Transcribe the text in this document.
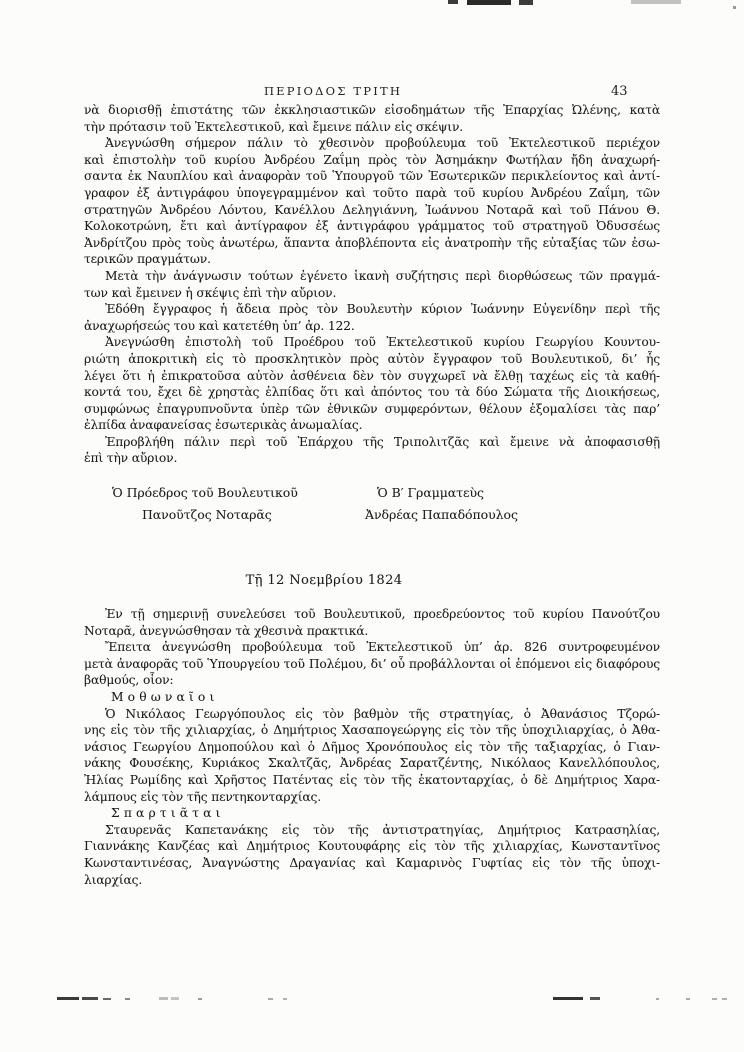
ΠΕΡΙΟΔΟΣ ΤΡΙΤΗ	43
νὰ διορισθῇ ἐπιστάτης τῶν ἐκκλησιαστικῶν εἰσοδημάτων τῆς Ἐπαρχίας Ὠλένης, κατὰ
τὴν πρότασιν τοῦ Ἐκτελεστικοῦ, καὶ ἔμεινε πάλιν εἰς σκέψιν.
Ἀνεγνώσθη σήμερον πάλιν τὸ χθεσινὸν προβούλευμα τοῦ Ἐκτελεστικοῦ περιέχον
καὶ ἐπιστολὴν τοῦ κυρίου Ἀνδρέου Ζαΐμη πρὸς τὸν Ἀσημάκην Φωτήλαν ἤδη ἀναχωρή-
σαντα ἐκ Ναυπλίου καὶ ἀναφορὰν τοῦ Ὑπουργοῦ τῶν Ἐσωτερικῶν περικλείοντος καὶ ἀντί-
γραφον ἐξ ἀντιγράφου ὑπογεγραμμένον καὶ τοῦτο παρὰ τοῦ κυρίου Ἀνδρέου Ζαΐμη, τῶν
στρατηγῶν Ἀνδρέου Λόντου, Κανέλλου Δεληγιάννη, Ἰωάννου Νοταρᾶ καὶ τοῦ Πάνου Θ.
Κολοκοτρώνη, ἔτι καὶ ἀντίγραφον ἐξ ἀντιγράφου γράμματος τοῦ στρατηγοῦ Ὀδυσσέως
Ἀνδρίτζου πρὸς τοὺς ἀνωτέρω, ἅπαντα ἀποβλέποντα εἰς ἀνατροπὴν τῆς εὐταξίας τῶν ἐσω-
τερικῶν πραγμάτων.
Μετὰ τὴν ἀνάγνωσιν τούτων ἐγένετο ἱκανὴ συζήτησις περὶ διορθώσεως τῶν πραγμά-
των καὶ ἔμεινεν ἡ σκέψις ἐπὶ τὴν αὔριον.
Ἐδόθη ἔγγραφος ἡ ἄδεια πρὸς τὸν Βουλευτὴν κύριον Ἰωάννην Εὐγενίδην περὶ τῆς
ἀναχωρήσεώς του καὶ κατετέθη ὑπ’ ἀρ. 122.
Ἀνεγνώσθη ἐπιστολὴ τοῦ Προέδρου τοῦ Ἐκτελεστικοῦ κυρίου Γεωργίου Κουντου-
ριώτη ἀποκριτικὴ εἰς τὸ προσκλητικὸν πρὸς αὐτὸν ἔγγραφον τοῦ Βουλευτικοῦ, δι’ ἧς
λέγει ὅτι ἡ ἐπικρατοῦσα αὐτὸν ἀσθένεια δὲν τὸν συγχωρεῖ νὰ ἔλθῃ ταχέως εἰς τὰ καθή-
κοντά του, ἔχει δὲ χρηστὰς ἐλπίδας ὅτι καὶ ἀπόντος του τὰ δύο Σώματα τῆς Διοικήσεως,
συμφώνως ἐπαγρυπνοῦντα ὑπὲρ τῶν ἐθνικῶν συμφερόντων, θέλουν ἐξομαλίσει τὰς παρ’
ἐλπίδα ἀναφανείσας ἐσωτερικὰς ἀνωμαλίας.
Ἐπροβλήθη πάλιν περὶ τοῦ Ἐπάρχου τῆς Τριπολιτζᾶς καὶ ἔμεινε νὰ ἀποφασισθῇ
ἐπὶ τὴν αὔριον.
Ὁ Πρόεδρος τοῦ Βουλευτικοῦ
Πανοῦτζος Νοταρᾶς
Ὁ Β′ Γραμματεὺς
Ἀνδρέας Παπαδόπουλος
Τῇ 12 Νοεμβρίου 1824
Ἐν τῇ σημερινῇ συνελεύσει τοῦ Βουλευτικοῦ, προεδρεύοντος τοῦ κυρίου Πανούτζου
Νοταρᾶ, ἀνεγνώσθησαν τὰ χθεσινὰ πρακτικά.
Ἔπειτα ἀνεγνώσθη προβούλευμα τοῦ Ἐκτελεστικοῦ ὑπ’ ἀρ. 826 συντροφευμένον
μετὰ ἀναφορᾶς τοῦ Ὑπουργείου τοῦ Πολέμου, δι’ οὗ προβάλλονται οἱ ἑπόμενοι εἰς διαφόρους
βαθμούς, οἷον:
Μοθωναῖοι
Ὁ Νικόλαος Γεωργόπουλος εἰς τὸν βαθμὸν τῆς στρατηγίας, ὁ Ἀθανάσιος Τζορώ-
νης εἰς τὸν τῆς χιλιαρχίας, ὁ Δημήτριος Χασαπογεώργης εἰς τὸν τῆς ὑποχιλιαρχίας, ὁ Ἀθα-
νάσιος Γεωργίου Δημοπούλου καὶ ὁ Δῆμος Χρονόπουλος εἰς τὸν τῆς ταξιαρχίας, ὁ Γιαν-
νάκης Φουσέκης, Κυριάκος Σκαλτζᾶς, Ἀνδρέας Σαρατζέντης, Νικόλαος Κανελλόπουλος,
Ἠλίας Ρωμίδης καὶ Χρῆστος Πατέντας εἰς τὸν τῆς ἑκατονταρχίας, ὁ δὲ Δημήτριος Χαρα-
λάμπους εἰς τὸν τῆς πεντηκονταρχίας.
Σπαρτιᾶται
Σταυρενᾶς Καπετανάκης εἰς τὸν τῆς ἀντιστρατηγίας, Δημήτριος Κατρασηλίας,
Γιαννάκης Κανζέας καὶ Δημήτριος Κουτουφάρης εἰς τὸν τῆς χιλιαρχίας, Κωνσταντῖνος
Κωνσταντινέσας, Ἀναγνώστης Δραγανίας καὶ Καμαρινὸς Γυφτίας εἰς τὸν τῆς ὑποχι-
λιαρχίας.
